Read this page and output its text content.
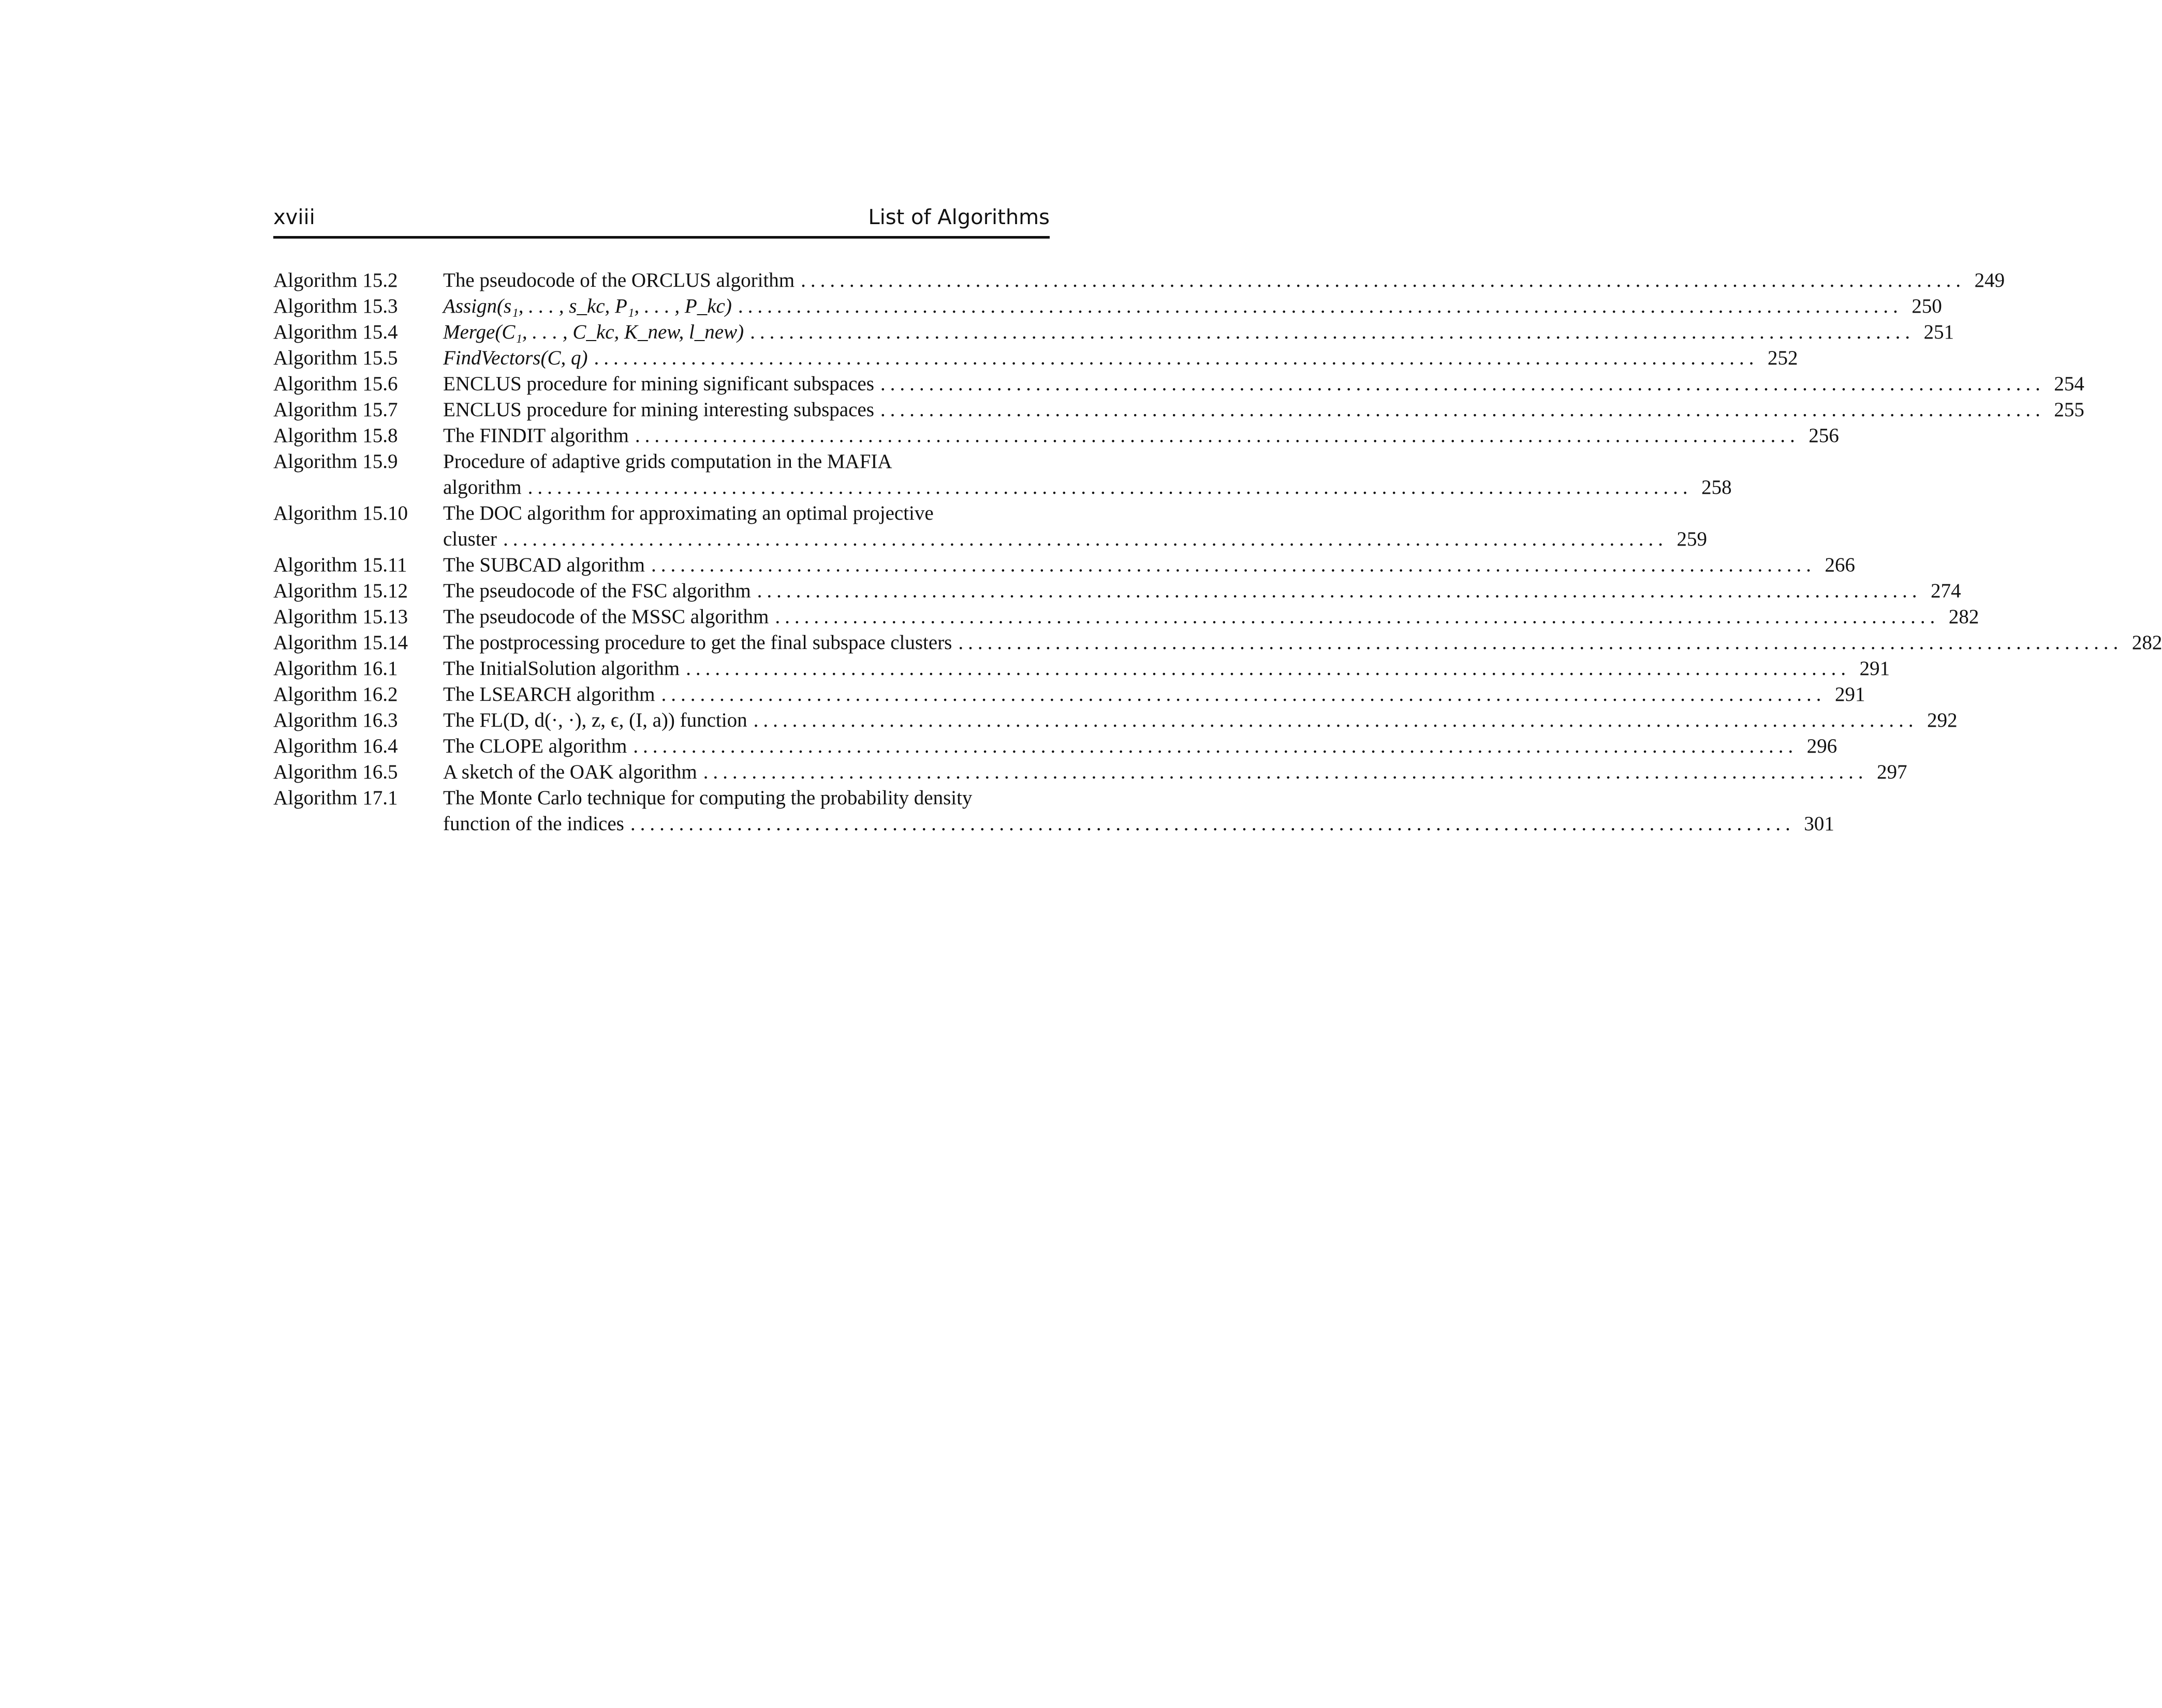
xviii	List of Algorithms
Algorithm 15.2 The pseudocode of the ORCLUS algorithm ........................................................................................................................ 249
Algorithm 15.3 Assign(s₁, . . . , s_kc, P₁, . . . , P_kc) ........................................................................................................................ 250
Algorithm 15.4 Merge(C₁, . . . , C_kc, K_new, l_new) ........................................................................................................................ 251
Algorithm 15.5 FindVectors(C, q) ........................................................................................................................ 252
Algorithm 15.6 ENCLUS procedure for mining significant subspaces ........................................................................................................................ 254
Algorithm 15.7 ENCLUS procedure for mining interesting subspaces ........................................................................................................................ 255
Algorithm 15.8 The FINDIT algorithm ........................................................................................................................ 256
Algorithm 15.9 Procedure of adaptive grids computation in the MAFIA
algorithm ........................................................................................................................ 258
Algorithm 15.10 The DOC algorithm for approximating an optimal projective
cluster ........................................................................................................................ 259
Algorithm 15.11 The SUBCAD algorithm ........................................................................................................................ 266
Algorithm 15.12 The pseudocode of the FSC algorithm ........................................................................................................................ 274
Algorithm 15.13 The pseudocode of the MSSC algorithm ........................................................................................................................ 282
Algorithm 15.14 The postprocessing procedure to get the final subspace clusters ........................................................................................................................ 282
Algorithm 16.1 The InitialSolution algorithm ........................................................................................................................ 291
Algorithm 16.2 The LSEARCH algorithm ........................................................................................................................ 291
Algorithm 16.3 The FL(D, d(·, ·), z, ϵ, (I, a)) function ........................................................................................................................ 292
Algorithm 16.4 The CLOPE algorithm ........................................................................................................................ 296
Algorithm 16.5 A sketch of the OAK algorithm ........................................................................................................................ 297
Algorithm 17.1 The Monte Carlo technique for computing the probability density
function of the indices ........................................................................................................................ 301
